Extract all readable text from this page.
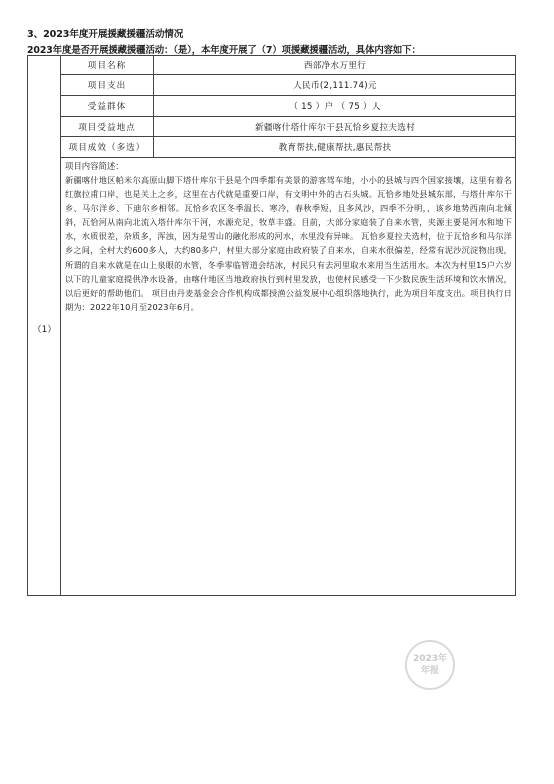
3、2023年度开展援藏援疆活动情况
2023年度是否开展援藏援疆活动：（是），本年度开展了（7）项援藏援疆活动，具体内容如下：
（1）
项目名称	西部净水万里行
项目支出	人民币(2,111.74)元
受益群体	（ 15 ）户 （ 75 ）人
项目受益地点	新疆喀什塔什库尔干县瓦恰乡夏拉夫选村
项目成效（多选）	教育帮扶,健康帮扶,惠民帮扶
项目内容简述：
新疆喀什地区帕米尔高原山脚下塔什库尔干县是个四季都有美景的游客驾车地，小小的县城与四个国家接壤，这里有着名红旗拉甫口岸，也是关上之乡，这里在古代就是重要口岸，有文明中外的古石头城。瓦恰乡地处县城东部，与塔什库尔干乡、马尔洋乡、下迪尔乡相邻。瓦恰乡农区冬季温长、寒冷，春秋季短，且多风沙，四季不分明，，该乡地势西南向北倾斜，瓦恰河从南向北流入塔什库尔干河，水源充足，牧草丰盛。目前，大部分家庭装了自来水管，夹源主要是河水和地下水，水质很差，杂质多，浑浊，因为是雪山的融化形成的河水，水里没有异味。 瓦恰乡夏拉夫选村，位于瓦恰乡和马尔洋乡之间，全村大约600多人，大约80多户，村里大部分家庭由政府装了自来水，自来水很偏差，经常有泥沙沉淀物出现，所谓的自来水就是在山上泉眼的水管，冬季零临管道会结冰，村民只有去河里取水来用当生活用水。本次为村里15户六岁以下的儿童家庭提供净水设备，由喀什地区当地政府执行到村里发放，也使村民感受一下少数民族生活环境和饮水情况，以后更好的帮助他们。 项目由丹麦基金会合作机构成都授渔公益发展中心组织落地执行，此为项目年度支出。项目执行日期为：2022年10月至2023年6月。
2023年
年报
